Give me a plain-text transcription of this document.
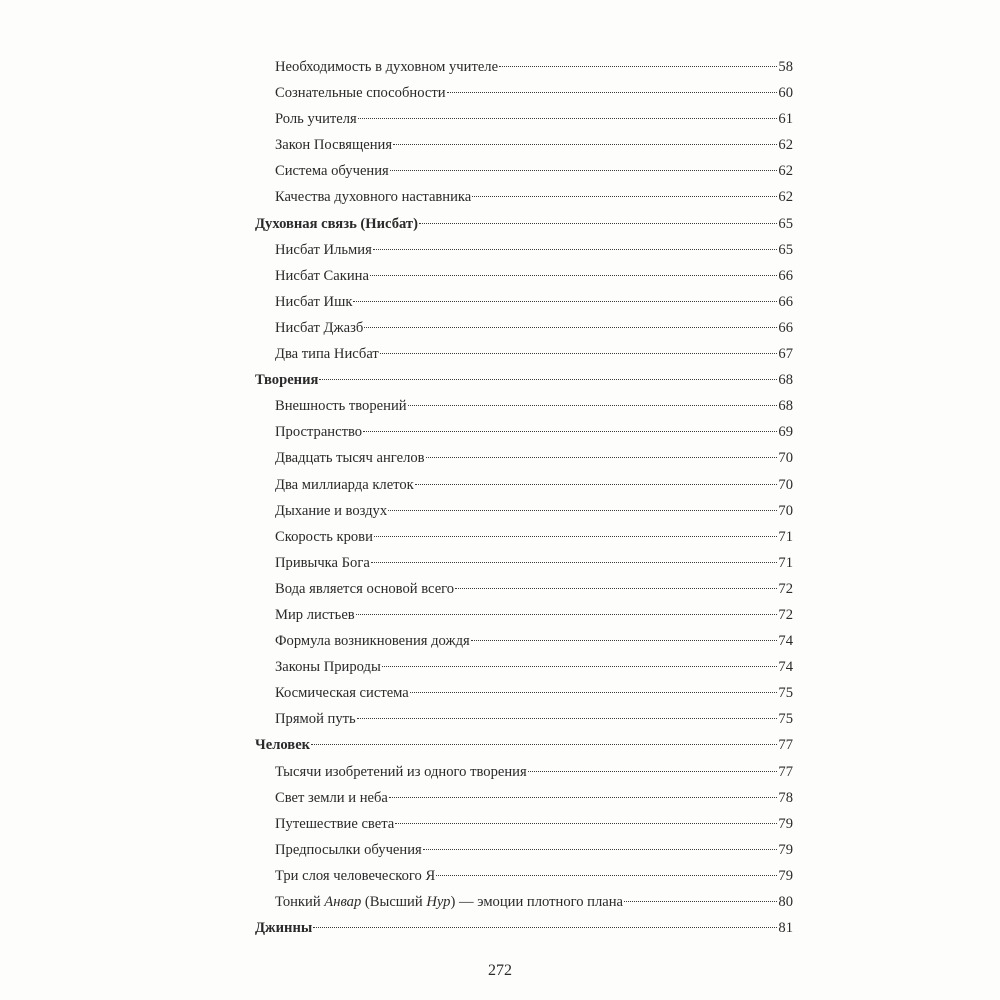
Необходимость в духовном учителе	58
Сознательные способности	60
Роль учителя	61
Закон Посвящения	62
Система обучения	62
Качества духовного наставника	62
Духовная связь (Нисбат)	65
Нисбат Ильмия	65
Нисбат Сакина	66
Нисбат Ишк	66
Нисбат Джазб	66
Два типа Нисбат	67
Творения	68
Внешность творений	68
Пространство	69
Двадцать тысяч ангелов	70
Два миллиарда клеток	70
Дыхание и воздух	70
Скорость крови	71
Привычка Бога	71
Вода является основой всего	72
Мир листьев	72
Формула возникновения дождя	74
Законы Природы	74
Космическая система	75
Прямой путь	75
Человек	77
Тысячи изобретений из одного творения	77
Свет земли и неба	78
Путешествие света	79
Предпосылки обучения	79
Три слоя человеческого Я	79
Тонкий Анвар (Высший Нур) — эмоции плотного плана	80
Джинны	81
272
